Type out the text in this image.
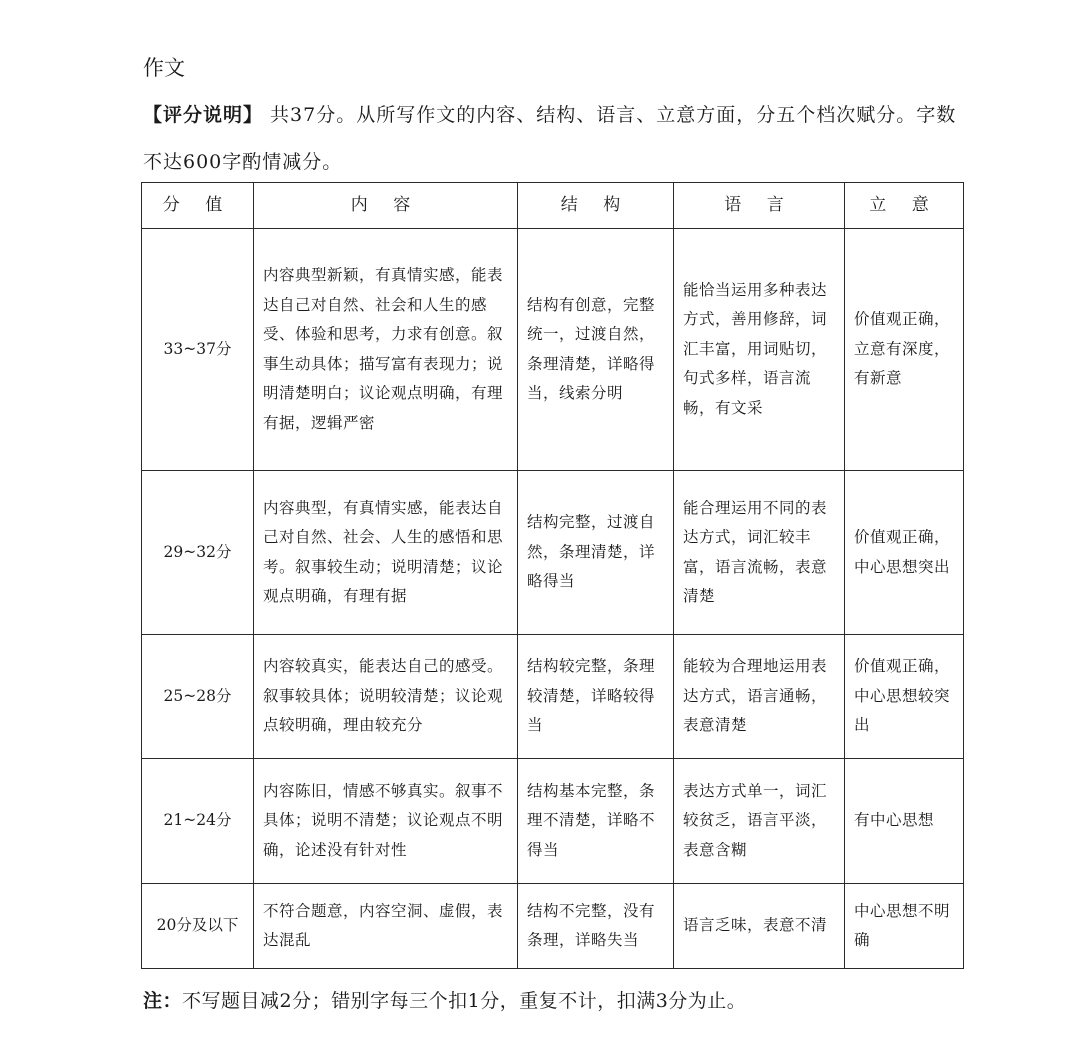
作文
【评分说明】 共37分。从所写作文的内容、结构、语言、立意方面，分五个档次赋分。字数不达600字酌情减分。
分 值	内 容	结 构	语 言	立 意
33~37分	内容典型新颖，有真情实感，能表达自己对自然、社会和人生的感受、体验和思考，力求有创意。叙事生动具体；描写富有表现力；说明清楚明白；议论观点明确，有理有据，逻辑严密	结构有创意，完整统一，过渡自然，条理清楚，详略得当，线索分明	能恰当运用多种表达方式，善用修辞，词汇丰富，用词贴切，句式多样，语言流畅，有文采	价值观正确，立意有深度，有新意
29~32分	内容典型，有真情实感，能表达自己对自然、社会、人生的感悟和思考。叙事较生动；说明清楚；议论观点明确，有理有据	结构完整，过渡自然，条理清楚，详略得当	能合理运用不同的表达方式，词汇较丰富，语言流畅，表意清楚	价值观正确，中心思想突出
25~28分	内容较真实，能表达自己的感受。叙事较具体；说明较清楚；议论观点较明确，理由较充分	结构较完整，条理较清楚，详略较得当	能较为合理地运用表达方式，语言通畅，表意清楚	价值观正确，中心思想较突出
21~24分	内容陈旧，情感不够真实。叙事不具体；说明不清楚；议论观点不明确，论述没有针对性	结构基本完整，条理不清楚，详略不得当	表达方式单一，词汇较贫乏，语言平淡，表意含糊	有中心思想
20分及以下	不符合题意，内容空洞、虚假，表达混乱	结构不完整，没有条理，详略失当	语言乏味，表意不清	中心思想不明确
注：不写题目减2分；错别字每三个扣1分，重复不计，扣满3分为止。
